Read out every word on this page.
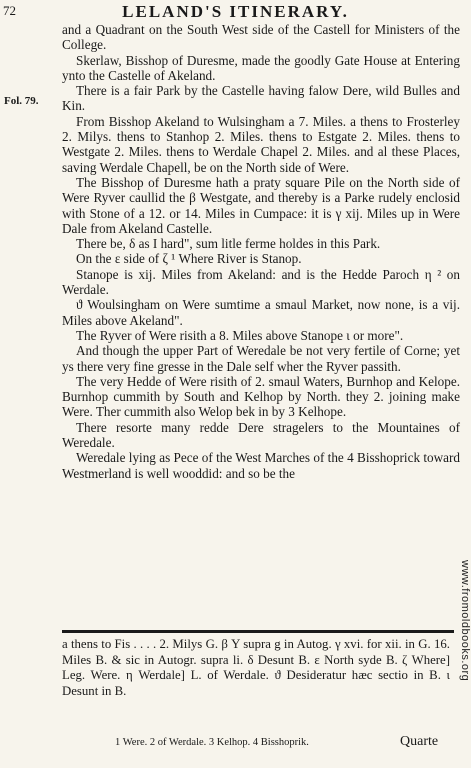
72	LELAND'S ITINERARY.
Fol. 79.

and a Quadrant on the South West side of the Castell for Ministers of the College.

Skerlaw, Bisshop of Duresme, made the goodly Gate House at Entering ynto the Castelle of Akeland.

There is a fair Park by the Castelle having falow Dere, wild Bulles and Kin.

From Bisshop Akeland to Wulsingham a 7. Miles. a thens to Frosterley 2. Milys. thens to Stanhop 2. Miles. thens to Estgate 2. Miles. thens to Westgate 2. Miles. thens to Werdale Chapel 2. Miles. and al these Places, saving Werdale Chapell, be on the North side of Were.

The Bisshop of Duresme hath a praty square Pile on the North side of Were Ryver caullid the β Westgate, and thereby is a Parke rudely enclosid with Stone of a 12. or 14. Miles in Cumpace: it is γ xij. Miles up in Were Dale from Akeland Castelle.

There be, δ as I hard", sum litle ferme holdes in this Park.

On the ε side of ζ ¹ Where River is Stanop.

Stanope is xij. Miles from Akeland: and is the Hedde Paroch η ² on Werdale.

ϑ Woulsingham on Were sumtime a smaul Market, now none, is a vij. Miles above Akeland".

The Ryver of Were risith a 8. Miles above Stanope ι or more".

And though the upper Part of Weredale be not very fertile of Corne; yet ys there very fine gresse in the Dale self wher the Ryver passith.

The very Hedde of Were risith of 2. smaul Waters, Burnhop and Kelope. Burnhop cummith by South and Kelhop by North. they 2. joining make Were. Ther cummith also Welop bek in by 3 Kelhope.

There resorte many redde Dere stragelers to the Mountaines of Weredale.

Weredale lying as Pece of the West Marches of the 4 Bisshoprick toward Westmerland is well wooddid: and so be the

a thens to Fis . . . . 2. Milys G. β Y supra g in Autog. γ xvi. for xii. in G. 16. Miles B. & sic in Autogr. supra li. δ Desunt B. ε North syde B. ζ Where] Leg. Were. η Werdale] L. of Werdale. ϑ Desideratur hæc sectio in B. ι Desunt in B.
1 Were. 2 of Werdale. 3 Kelhop. 4 Bisshoprik.	Quarte
www.fromoldbooks.org
